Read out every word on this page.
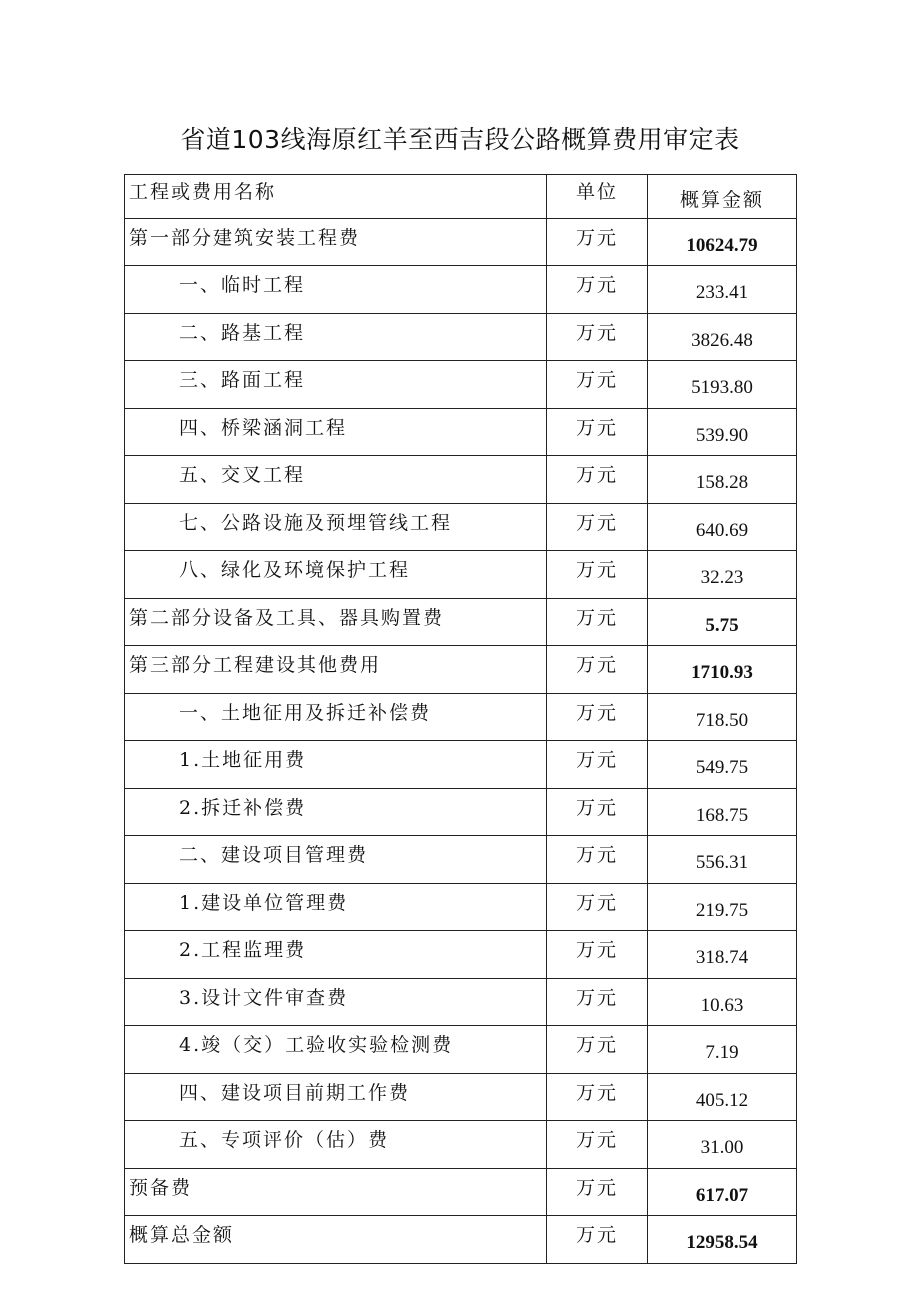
省道103线海原红羊至西吉段公路概算费用审定表
工程或费用名称	单位	概算金额
第一部分建筑安装工程费	万元	10624.79
一、临时工程	万元	233.41
二、路基工程	万元	3826.48
三、路面工程	万元	5193.80
四、桥梁涵洞工程	万元	539.90
五、交叉工程	万元	158.28
七、公路设施及预埋管线工程	万元	640.69
八、绿化及环境保护工程	万元	32.23
第二部分设备及工具、器具购置费	万元	5.75
第三部分工程建设其他费用	万元	1710.93
一、土地征用及拆迁补偿费	万元	718.50
1.土地征用费	万元	549.75
2.拆迁补偿费	万元	168.75
二、建设项目管理费	万元	556.31
1.建设单位管理费	万元	219.75
2.工程监理费	万元	318.74
3.设计文件审查费	万元	10.63
4.竣（交）工验收实验检测费	万元	7.19
四、建设项目前期工作费	万元	405.12
五、专项评价（估）费	万元	31.00
预备费	万元	617.07
概算总金额	万元	12958.54
